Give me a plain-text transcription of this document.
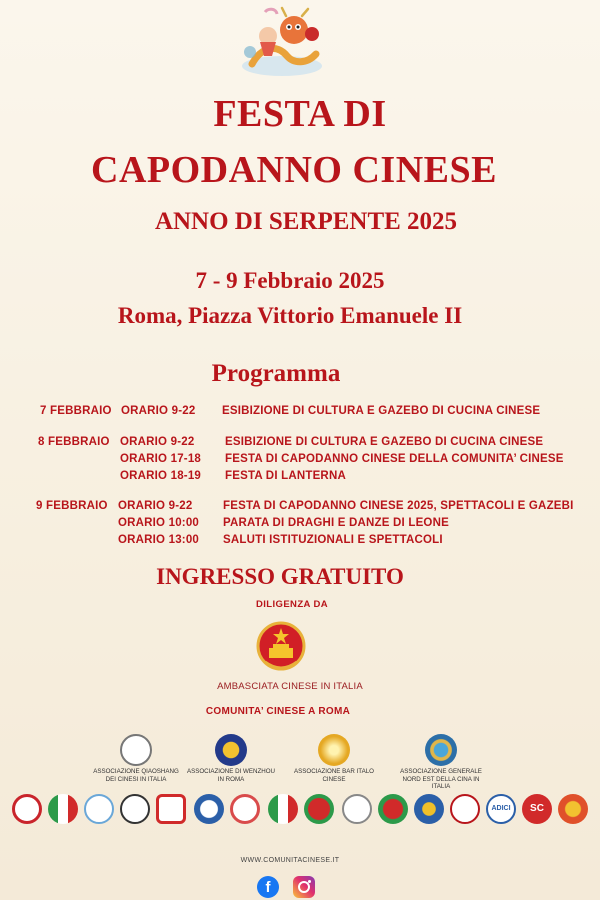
FESTA DI
CAPODANNO CINESE
ANNO DI SERPENTE 2025
7 - 9 Febbraio 2025
Roma, Piazza Vittorio Emanuele II
Programma
7 FEBBRAIO ORARIO 9-22 ESIBIZIONE DI CULTURA E GAZEBO DI CUCINA CINESE
8 FEBBRAIO ORARIO 9-22	ESIBIZIONE DI CULTURA E GAZEBO DI CUCINA CINESE
ORARIO 17-18 FESTA DI CAPODANNO CINESE DELLA COMUNITA’ CINESE
ORARIO 18-19 FESTA DI LANTERNA
9 FEBBRAIO ORARIO 9-22	FESTA DI CAPODANNO CINESE 2025, SPETTACOLI E GAZEBI
ORARIO 10:00 PARATA DI DRAGHI E DANZE DI LEONE
ORARIO 13:00 SALUTI ISTITUZIONALI E SPETTACOLI
INGRESSO GRATUITO
DILIGENZA DA
AMBASCIATA CINESE IN ITALIA
COMUNITA’ CINESE A ROMA
ASSOCIAZIONE QIAOSHANG DEI CINESI IN ITALIA
ASSOCIAZIONE DI WENZHOU IN ROMA
ASSOCIAZIONE BAR ITALO CINESE
ASSOCIAZIONE GENERALE NORD EST DELLA CINA IN ITALIA
ADICI	SC
WWW.COMUNITACINESE.IT
f
